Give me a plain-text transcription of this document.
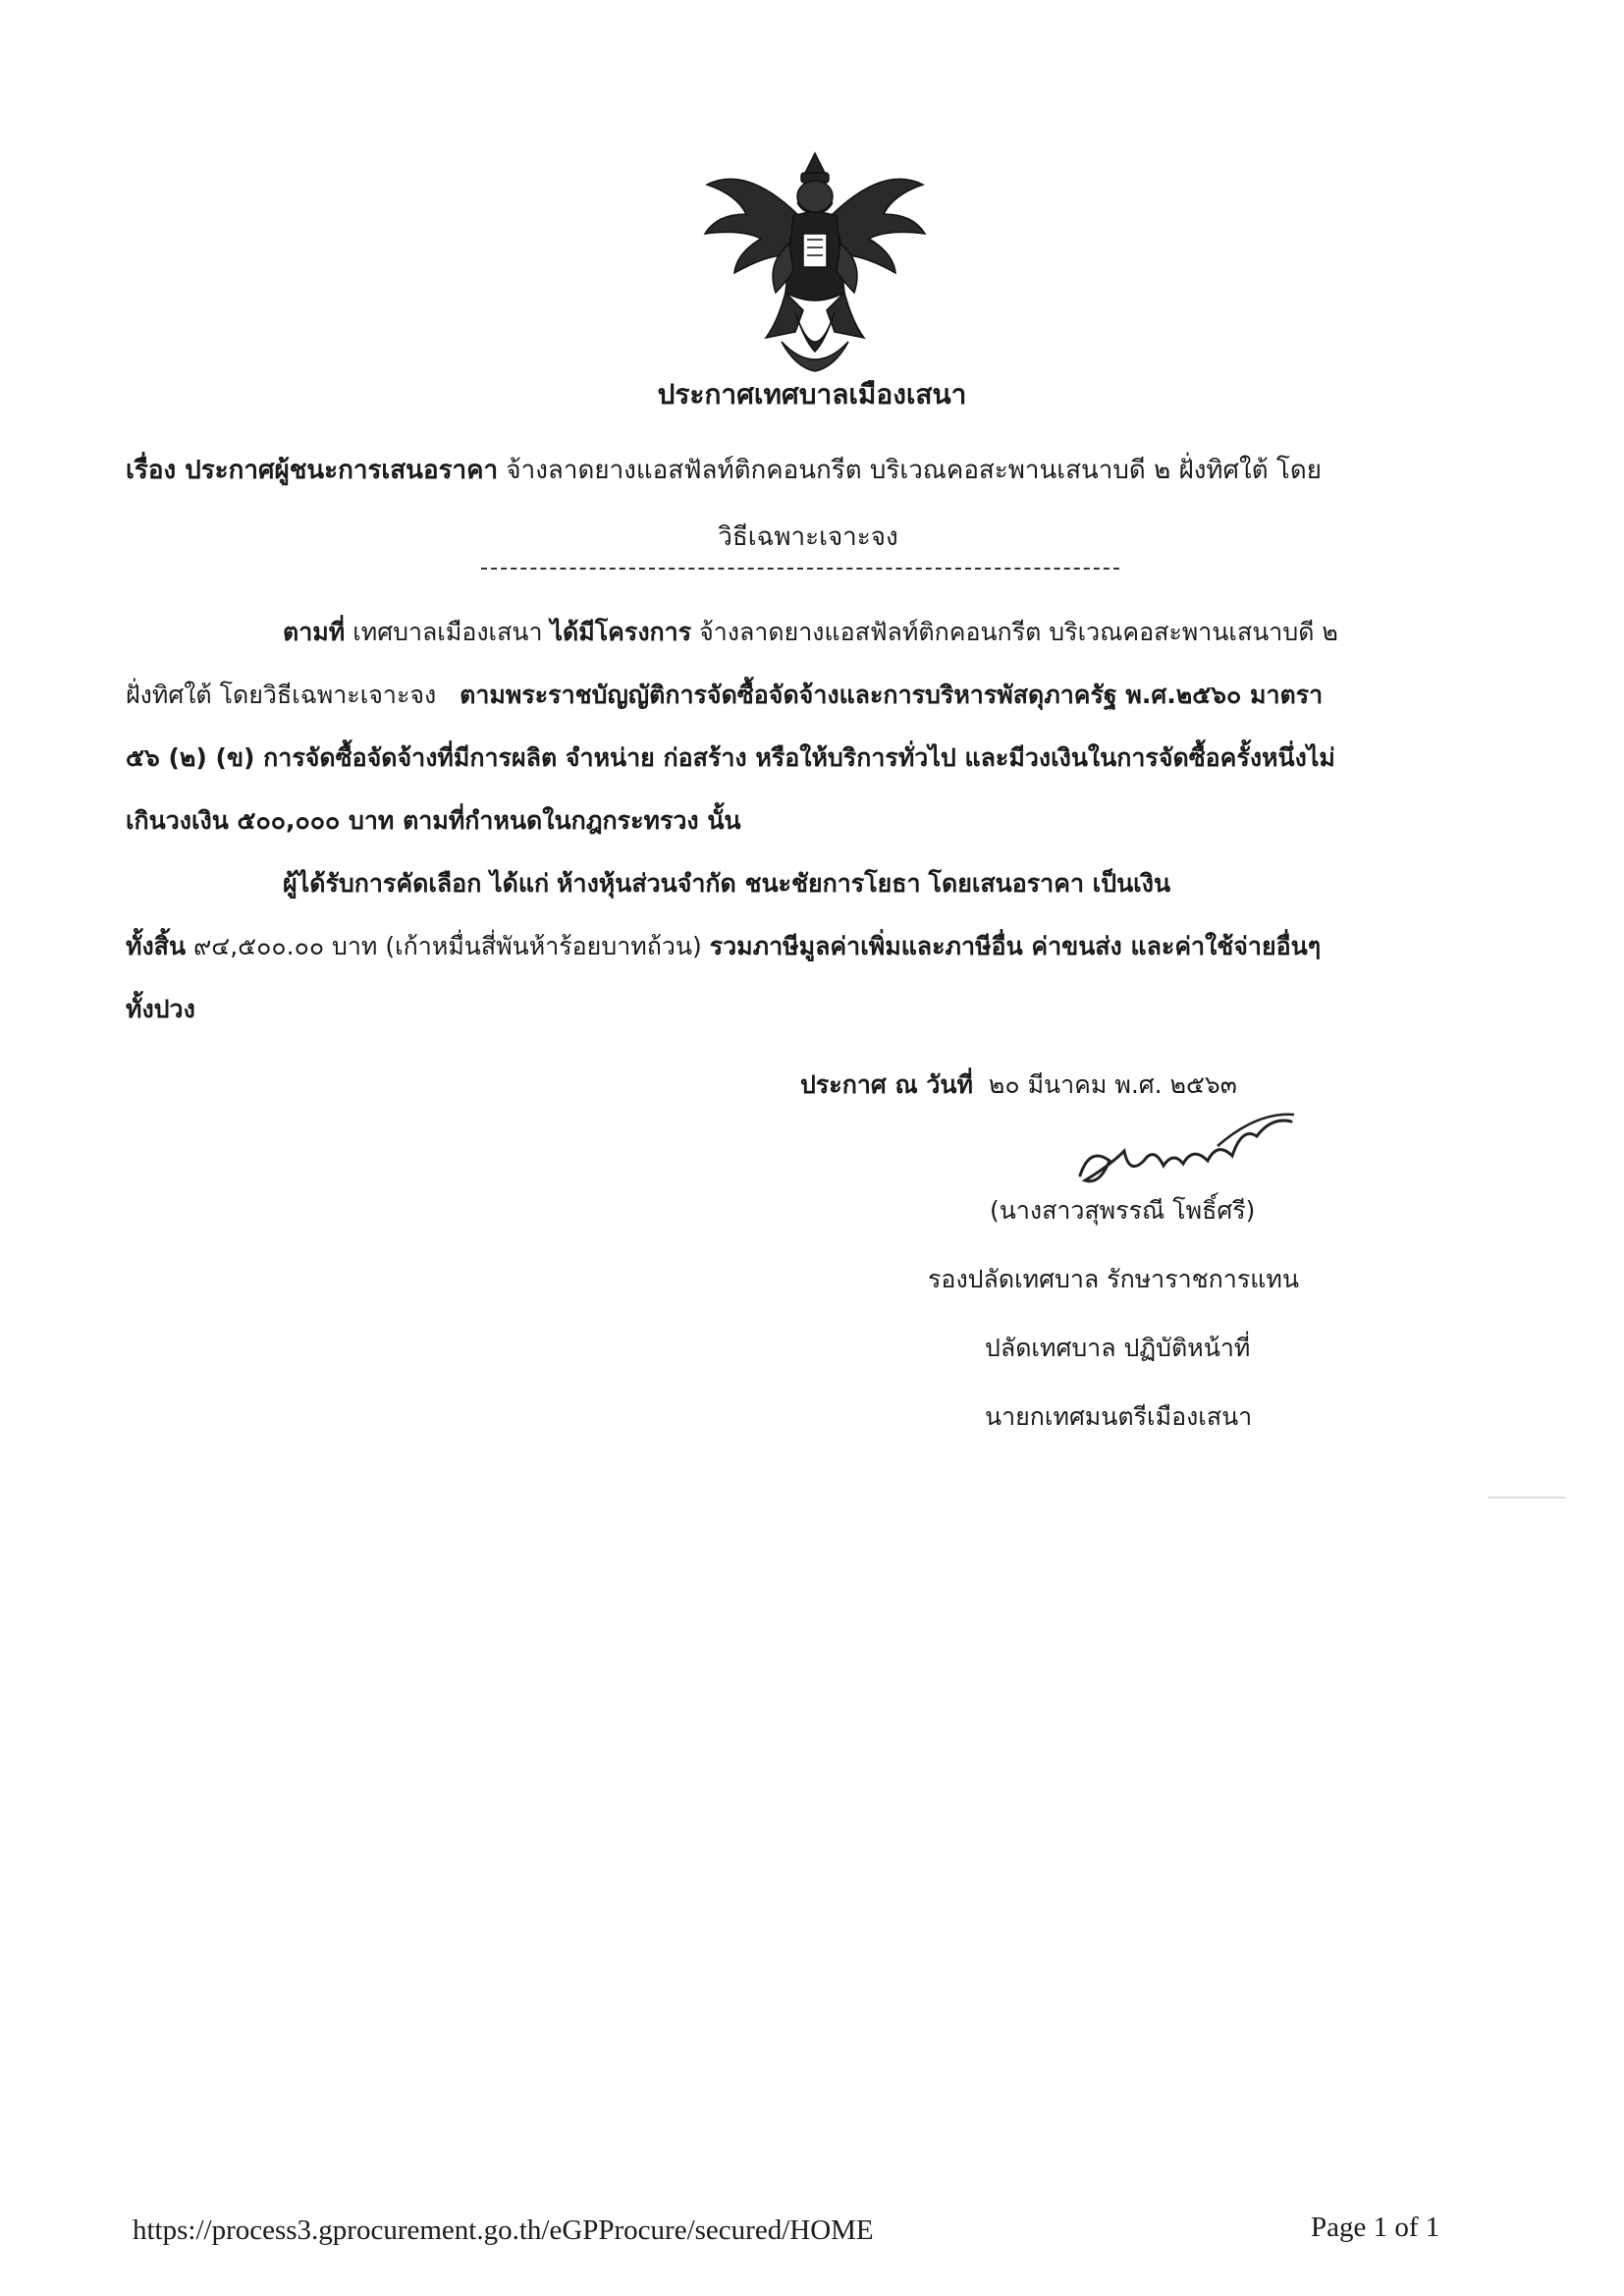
ประกาศเทศบาลเมืองเสนา
เรื่อง ประกาศผู้ชนะการเสนอราคา จ้างลาดยางแอสฟัลท์ติกคอนกรีต บริเวณคอสะพานเสนาบดี ๒ ฝั่งทิศใต้ โดย
วิธีเฉพาะเจาะจง
ตามที่ เทศบาลเมืองเสนา ได้มีโครงการ จ้างลาดยางแอสฟัลท์ติกคอนกรีต บริเวณคอสะพานเสนาบดี ๒
ฝั่งทิศใต้ โดยวิธีเฉพาะเจาะจง ตามพระราชบัญญัติการจัดซื้อจัดจ้างและการบริหารพัสดุภาครัฐ พ.ศ.๒๕๖๐ มาตรา
๕๖ (๒) (ข) การจัดซื้อจัดจ้างที่มีการผลิต จำหน่าย ก่อสร้าง หรือให้บริการทั่วไป และมีวงเงินในการจัดซื้อครั้งหนึ่งไม่
เกินวงเงิน ๕๐๐,๐๐๐ บาท ตามที่กำหนดในกฎกระทรวง นั้น
ผู้ได้รับการคัดเลือก ได้แก่ ห้างหุ้นส่วนจำกัด ชนะชัยการโยธา โดยเสนอราคา เป็นเงิน
ทั้งสิ้น ๙๔,๕๐๐.๐๐ บาท (เก้าหมื่นสี่พันห้าร้อยบาทถ้วน) รวมภาษีมูลค่าเพิ่มและภาษีอื่น ค่าขนส่ง และค่าใช้จ่ายอื่นๆ
ทั้งปวง
ประกาศ ณ วันที่ ๒๐ มีนาคม พ.ศ. ๒๕๖๓
(นางสาวสุพรรณี โพธิ์ศรี)
รองปลัดเทศบาล รักษาราชการแทน
ปลัดเทศบาล ปฏิบัติหน้าที่
นายกเทศมนตรีเมืองเสนา
https://process3.gprocurement.go.th/eGPProcure/secured/HOME	Page 1 of 1
